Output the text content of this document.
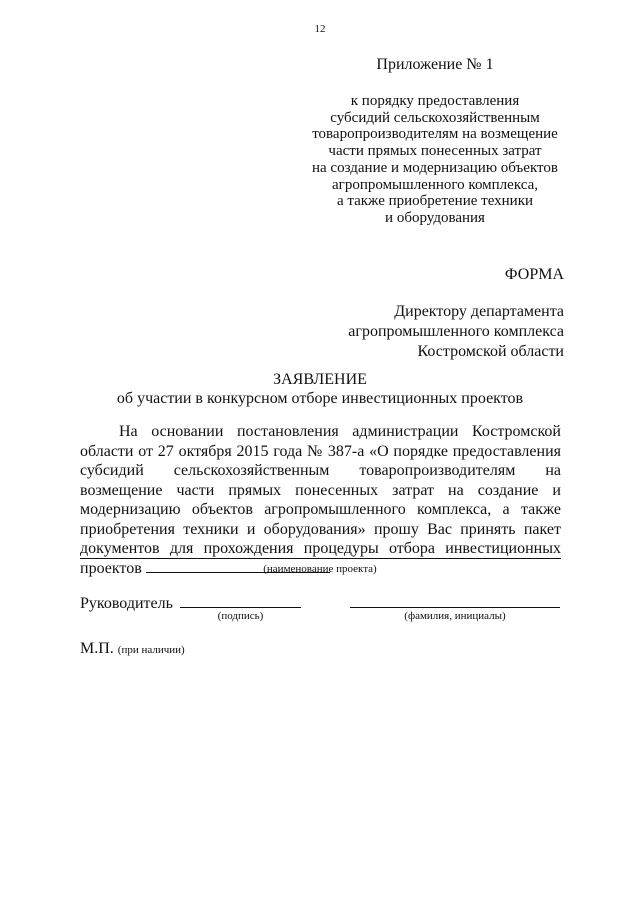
12
Приложение № 1
к порядку предоставления
субсидий сельскохозяйственным
товаропроизводителям на возмещение
части прямых понесенных затрат
на создание и модернизацию объектов
агропромышленного комплекса,
а также приобретение техники
и оборудования
ФОРМА
Директору департамента
агропромышленного комплекса
Костромской области
ЗАЯВЛЕНИЕ
об участии в конкурсном отборе инвестиционных проектов

На основании постановления администрации Костромской области от 27 октября 2015 года № 387-а «О порядке предоставления субсидий сельскохозяйственным товаропроизводителям на возмещение части прямых понесенных затрат на создание и модернизацию объектов агропромышленного комплекса, а также приобретения техники и оборудования» прошу Вас принять пакет документов для прохождения процедуры отбора инвестиционных проектов	(наименование проекта)
Руководитель
(подпись)	(фамилия, инициалы)
М.П. (при наличии)
